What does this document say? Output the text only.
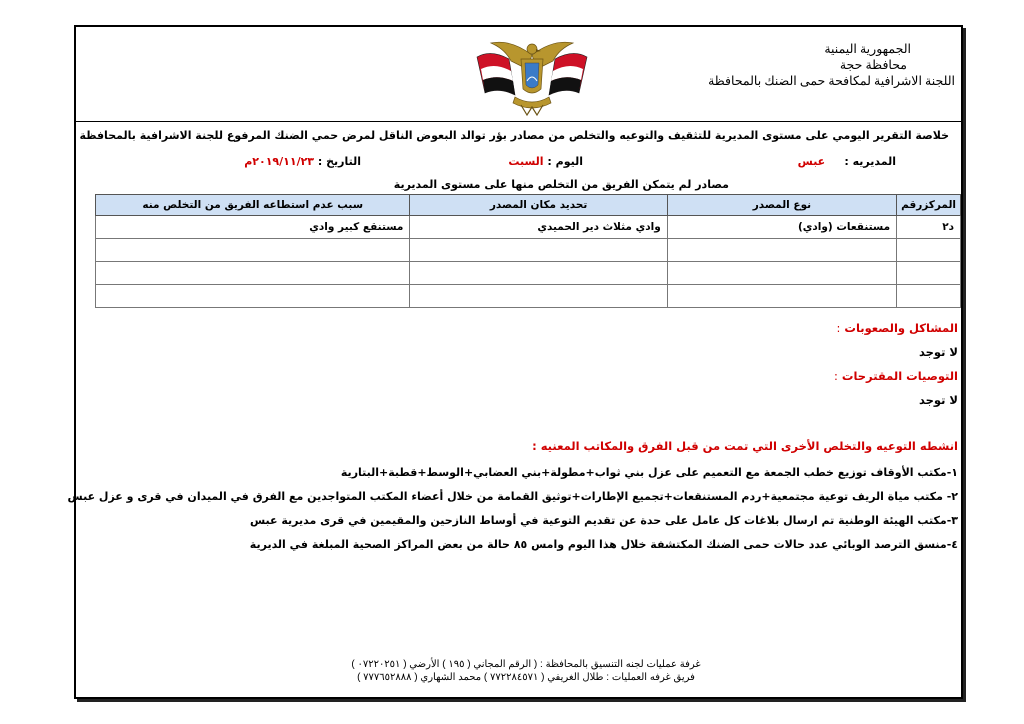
الجمهورية اليمنية
محافظة حجة
اللجنة الاشرافية لمكافحة حمى الضنك بالمحافظة
خلاصة التقرير اليومي على مستوى المديرية للتثقيف والتوعيه والتخلص من مصادر بؤر توالد البعوض الناقل لمرض حمي الضنك المرفوع للجنة الاشرافية بالمحافظة
المديريه :     عبس
اليوم : السبت
التاريخ : ٢٠١٩/١١/٢٣م
مصادر لم يتمكن الفريق من التخلص منها على مستوى المديرية
المركزرقم	نوع المصدر	تحديد مكان المصدر	سبب عدم استطاعه الفريق من التخلص منه
د٢	مستنقعات (وادي)	وادي مثلاث دير الحميدي	مستنقع كبير وادي

المشاكل والصعوبات :
لا توجد
التوصيات المقترحات :
لا توجد
انشطه التوعيه والتخلص الأخرى التي تمت من قبل الفرق والمكاتب المعنيه :
١-مكتب الأوقاف توزيع خطب الجمعة مع التعميم على عزل بني ثواب+مطولة+بني العضابي+الوسط+قطبة+البتارية
٢- مكتب مياة الريف توعية مجتمعية+ردم المستنقعات+تجميع الإطارات+توثيق القمامة من خلال أعضاء المكتب المتواجدين مع الفرق في الميدان في قرى و عزل عبس
٣-مكتب الهيئة الوطنية تم ارسال بلاغات كل عامل على حدة عن تقديم التوعية في أوساط النازحين والمقيمين في قرى مديرية عبس
٤-منسق الترصد الوبائي عدد حالات حمى الضنك المكتشفة خلال هذا اليوم وامس ٨٥ حالة من بعض المراكز الصحية المبلغة في الديرية
غرفة عمليات لجنه التنسيق بالمحافظة : ( الرقم المجاني ( ١٩٥ ) الأرضي ( ٠٧٢٢٠٢٥١ )
فريق غرفه العمليات : طلال الغريفي ( ٧٧٢٢٨٤٥٧١ ) محمد الشهاري ( ٧٧٧٦٥٢٨٨٨ )
